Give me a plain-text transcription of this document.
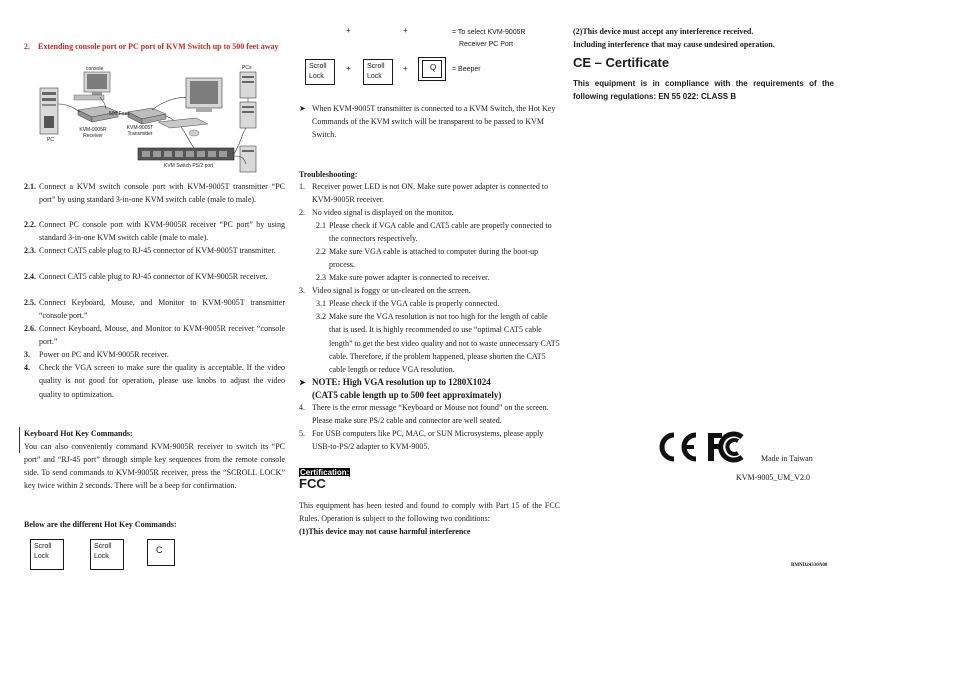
2. Extending console port or PC port of KVM Switch up to 500 feet away
console	PCs
500 Feet
KVM-9005R Receiver
KVM-9005T Transmitter
PC
KVM Switch PS/2 port
2.1. Connect a KVM switch console port with KVM-9005T transmitter “PC port” by using standard 3-in-one KVM switch cable (male to male).
2.2. Connect PC console port with KVM-9005R receiver “PC port” by using standard 3-in-one KVM switch cable (male to male).
2.3. Connect CAT5 cable plug to RJ-45 connector of KVM-9005T transmitter.
2.4. Connect CAT5 cable plug to RJ-45 connector of KVM-9005R receiver.
2.5. Connect Keyboard, Mouse, and Monitor to KVM-9005T transmitter “console port.”
2.6. Connect Keyboard, Mouse, and Monitor to KVM-9005R receiver “console port.”
3.	Power on PC and KVM-9005R receiver.
4.	Check the VGA screen to make sure the quality is acceptable. If the video quality is not good for operation, please use knobs to adjust the video quality to optimization.
Keyboard Hot Key Commands:
You can also conveniently command KVM-9005R receiver to switch its “PC port” and “RJ-45 port” through simple key sequences from the remote console side. To send commands to KVM-9005R receiver, press the “SCROLL LOCK” key twice within 2 seconds. There will be a beep for confirmation.
Below are the different Hot Key Commands:
Scroll
Lock
Scroll
Lock
C
+	+	= To select KVM-9005R
Receiver PC Port
Scroll
Lock
+ Scroll
Lock
+	Q	= Beeper
➤ When KVM-9005T transmitter is connected to a KVM Switch, the Hot Key Commands of the KVM switch will be transparent to be passed to KVM Switch.
Troubleshooting:
1. Receiver power LED is not ON. Make sure power adapter is connected to KVM-9005R receiver.
2. No video signal is displayed on the monitor.
2.1 Please check if VGA cable and CAT5 cable are properly connected to the connectors respectively.
2.2 Make sure VGA cable is attached to computer during the boot-up process.
2.3 Make sure power adapter is connected to receiver.
3. Video signal is foggy or un-cleared on the screen.
3.1 Please check if the VGA cable is properly connected.
3.2 Make sure the VGA resolution is not too high for the length of cable that is used. It is highly recommended to use “optimal CAT5 cable length” to get the best video quality and not to waste unnecessary CAT5 cable. Therefore, if the problem happened, please shorten the CAT5 cable length or reduce VGA resolution.
➤ NOTE: High VGA resolution up to 1280X1024
(CAT5 cable length up to 500 feet approximately)
4. There is the error message “Keyboard or Mouse not found” on the screen. Please make sure PS/2 cable and connector are well seated.
5. For USB computers like PC, MAC, or SUN Microsystems, please apply USB-to-PS/2 adapter to KVM-9005.
Certification:
FCC
This equipment has been tested and found to comply with Part 15 of the FCC Rules. Operation is subject to the following two conditions:
(1)This device may not cause harmful interference
(2)This device must accept any interference received.
Including interference that may cause undesired operation.
CE – Certificate
This equipment is in compliance with the requirements of the following regulations: EN 55 022: CLASS B
Made in Taiwan
KVM-9005_UM_V2.0
BMND24330A00
